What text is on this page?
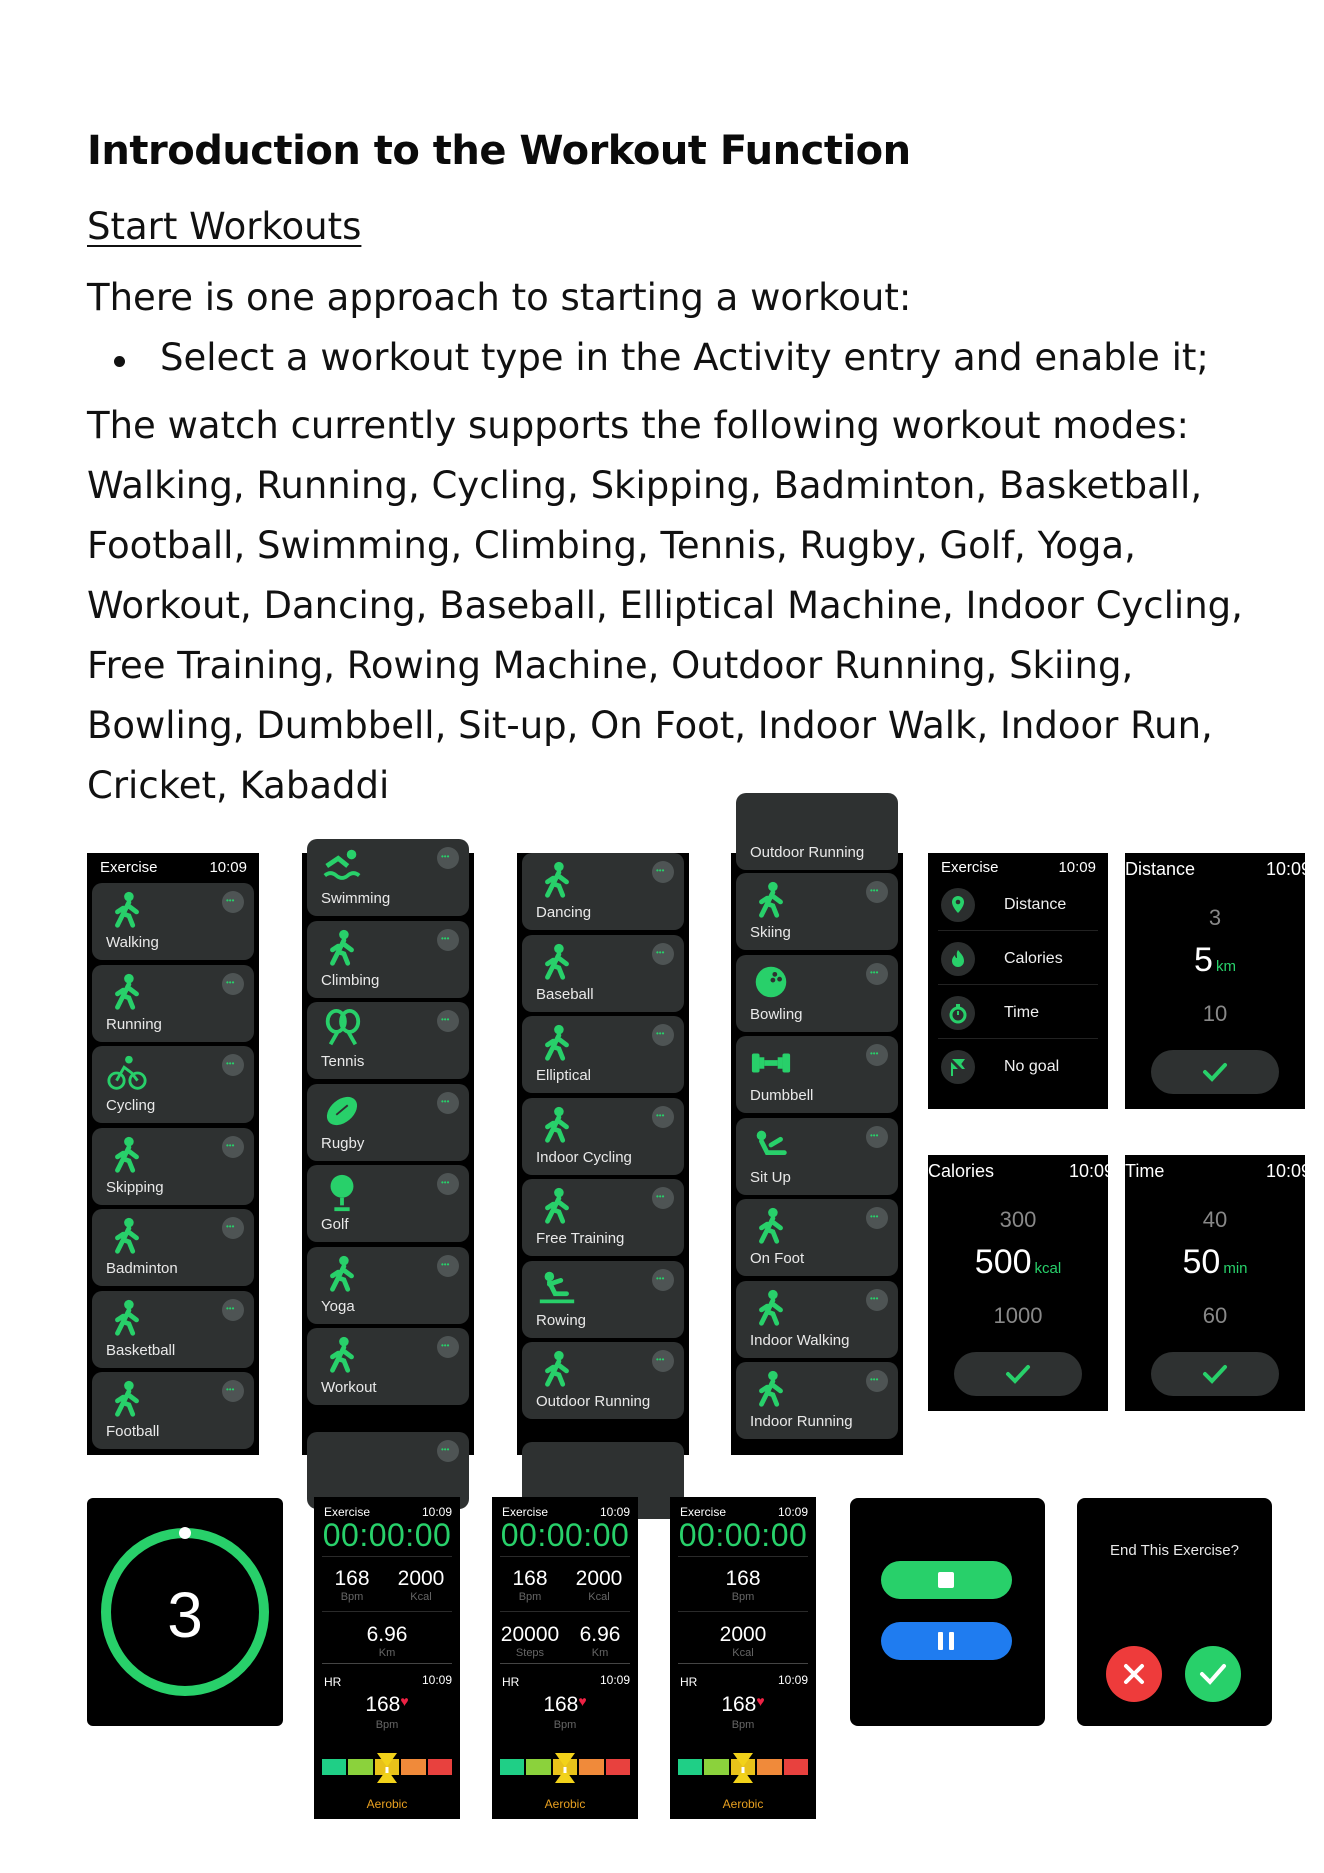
Introduction to the Workout Function
Start Workouts
There is one approach to starting a workout:
Select a workout type in the Activity entry and enable it;
The watch currently supports the following workout modes:
Walking, Running, Cycling, Skipping, Badminton, Basketball,
Football, Swimming, Climbing, Tennis, Rugby, Golf, Yoga,
Workout, Dancing, Baseball, Elliptical Machine, Indoor Cycling,
Free Training, Rowing Machine, Outdoor Running, Skiing,
Bowling, Dumbbell, Sit-up, On Foot, Indoor Walk, Indoor Run,
Cricket, Kabaddi
Exercise	10:09
•••
Walking
•••
Running
•••
Cycling
•••
Skipping
•••
Badminton
•••
Basketball
•••
Football
•••
•••
Swimming
•••
Climbing
•••
Tennis
•••
Rugby
•••
Golf
•••
Yoga
•••
Workout
•••
Dancing
•••
Baseball
•••
Elliptical
•••
Indoor Cycling
•••
Free Training
•••
Rowing
•••
Outdoor Running
Outdoor Running
•••
Skiing
•••
Bowling
•••
Dumbbell
•••
Sit Up
•••
On Foot
•••
Indoor Walking
•••
Indoor Running
Exercise	10:09
Distance
Calories
Time
No goal
Distance	10:09
3
5 km
10
Calories	10:09
300
500 kcal
1000
Time	10:09
40
50 min
60
3
Exercise	10:09
00:00:00
168
Bpm
2000
Kcal
6.96
Km
HR	10:09
168♥
Bpm
Aerobic
Exercise	10:09
00:00:00
168
Bpm
2000
Kcal
20000
Steps
6.96
Km
HR	10:09
168♥
Bpm
Aerobic
Exercise	10:09
00:00:00
168
Bpm
2000
Kcal
HR	10:09
168♥
Bpm
Aerobic
End This Exercise?
